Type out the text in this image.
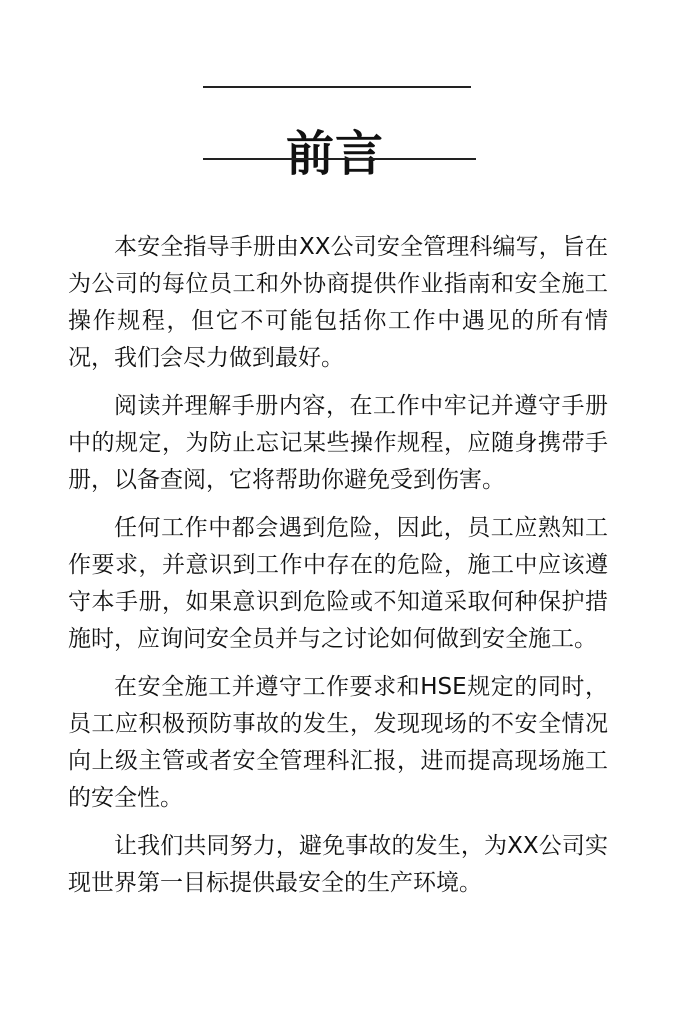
前言

本安全指导手册由XX公司安全管理科编写，旨在为公司的每位员工和外协商提供作业指南和安全施工操作规程，但它不可能包括你工作中遇见的所有情况，我们会尽力做到最好。

阅读并理解手册内容，在工作中牢记并遵守手册中的规定，为防止忘记某些操作规程，应随身携带手册，以备查阅，它将帮助你避免受到伤害。

任何工作中都会遇到危险，因此，员工应熟知工作要求，并意识到工作中存在的危险，施工中应该遵守本手册，如果意识到危险或不知道采取何种保护措施时，应询问安全员并与之讨论如何做到安全施工。

在安全施工并遵守工作要求和HSE规定的同时，员工应积极预防事故的发生，发现现场的不安全情况向上级主管或者安全管理科汇报，进而提高现场施工的安全性。

让我们共同努力，避免事故的发生，为XX公司实现世界第一目标提供最安全的生产环境。
